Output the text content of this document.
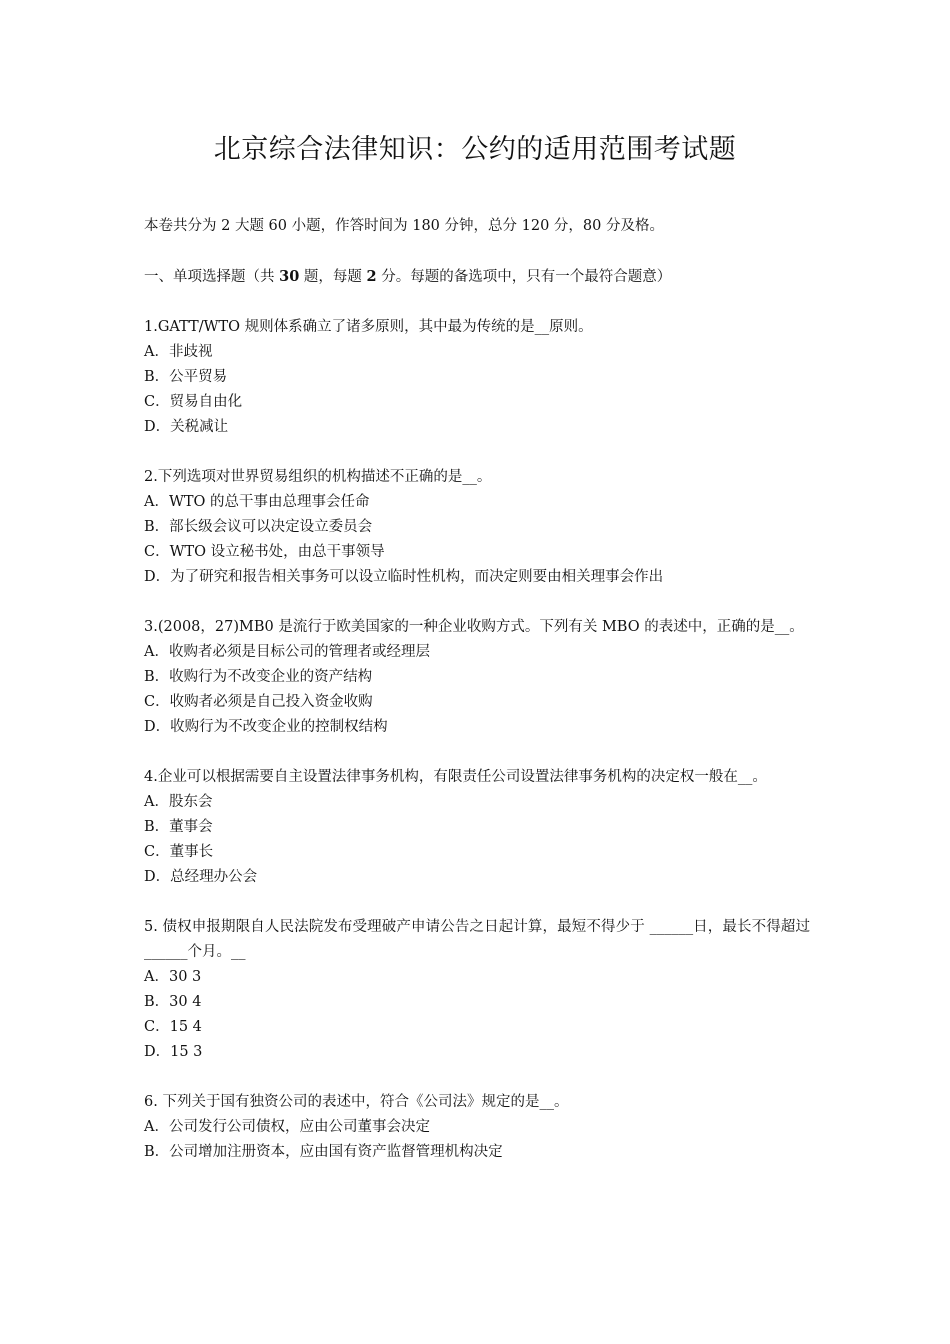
北京综合法律知识：公约的适用范围考试题

本卷共分为 2 大题 60 小题，作答时间为 180 分钟，总分 120 分，80 分及格。

一、单项选择题（共 30 题，每题 2 分。每题的备选项中，只有一个最符合题意）

1.GATT/WTO 规则体系确立了诸多原则，其中最为传统的是__原则。

A．非歧视

B．公平贸易

C．贸易自由化

D．关税减让

2.下列选项对世界贸易组织的机构描述不正确的是__。

A．WTO 的总干事由总理事会任命

B．部长级会议可以决定设立委员会

C．WTO 设立秘书处，由总干事领导

D．为了研究和报告相关事务可以设立临时性机构，而决定则要由相关理事会作出

3.(2008，27)MB0 是流行于欧美国家的一种企业收购方式。下列有关 MBO 的表述中，正确的是__。

A．收购者必须是目标公司的管理者或经理层

B．收购行为不改变企业的资产结构

C．收购者必须是自己投入资金收购

D．收购行为不改变企业的控制权结构

4.企业可以根据需要自主设置法律事务机构，有限责任公司设置法律事务机构的决定权一般在__。

A．股东会

B．董事会

C．董事长

D．总经理办公会

5. 债权申报期限自人民法院发布受理破产申请公告之日起计算，最短不得少于 ______日，最长不得超过______个月。__

A．30 3

B．30 4

C．15 4

D．15 3

6. 下列关于国有独资公司的表述中，符合《公司法》规定的是__。

A．公司发行公司债权，应由公司董事会决定

B．公司增加注册资本，应由国有资产监督管理机构决定
